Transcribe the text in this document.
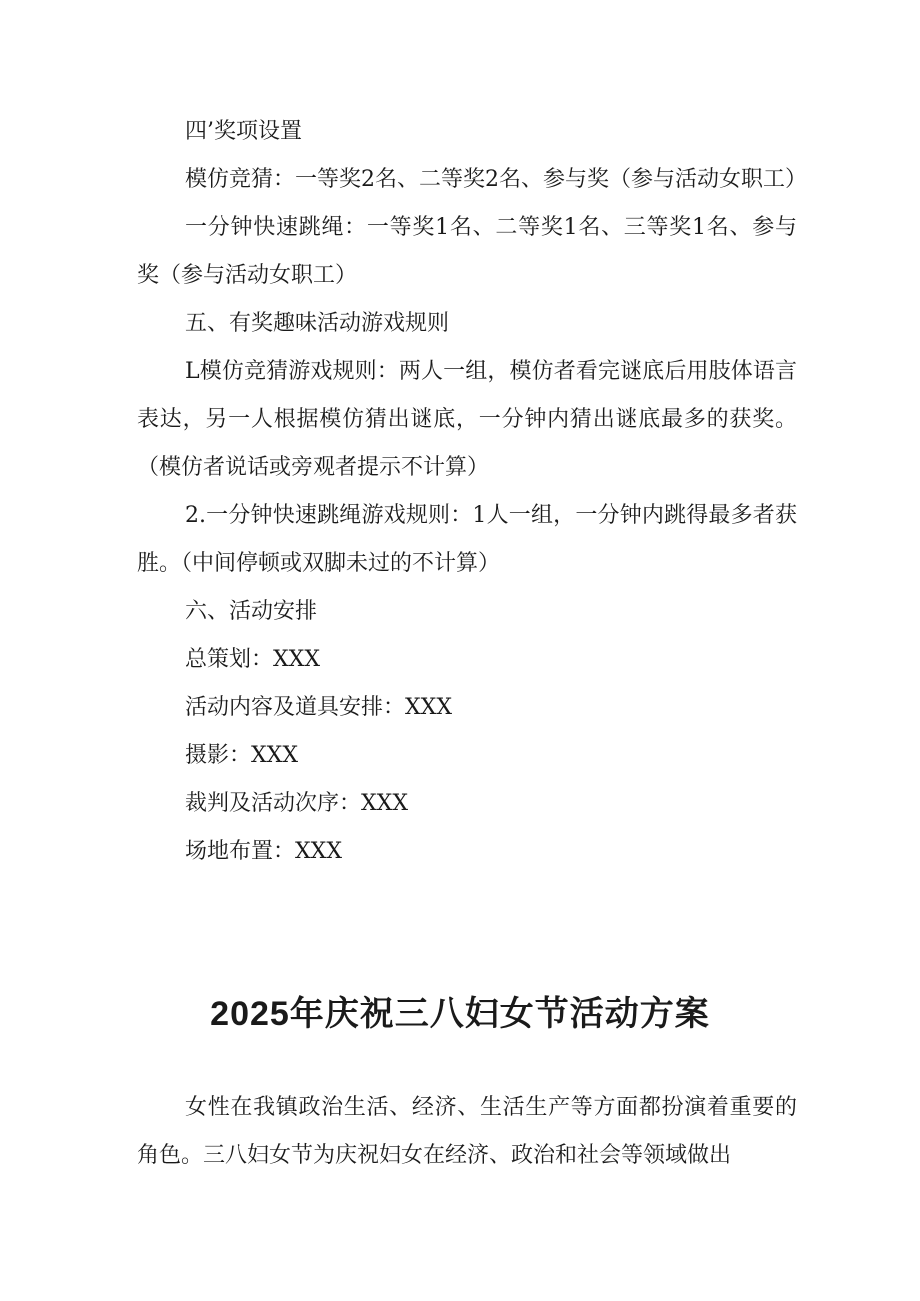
四’奖项设置

模仿竞猜：一等奖2名、二等奖2名、参与奖（参与活动女职工）

一分钟快速跳绳：一等奖1名、二等奖1名、三等奖1名、参与奖（参与活动女职工）

五、有奖趣味活动游戏规则

L模仿竞猜游戏规则：两人一组，模仿者看完谜底后用肢体语言表达，另一人根据模仿猜出谜底，一分钟内猜出谜底最多的获奖。（模仿者说话或旁观者提示不计算）

2.一分钟快速跳绳游戏规则：1人一组，一分钟内跳得最多者获胜。（中间停顿或双脚未过的不计算）

六、活动安排

总策划：XXX

活动内容及道具安排：XXX

摄影：XXX

裁判及活动次序：XXX

场地布置：XXX

2025年庆祝三八妇女节活动方案

女性在我镇政治生活、经济、生活生产等方面都扮演着重要的角色。三八妇女节为庆祝妇女在经济、政治和社会等领域做出
